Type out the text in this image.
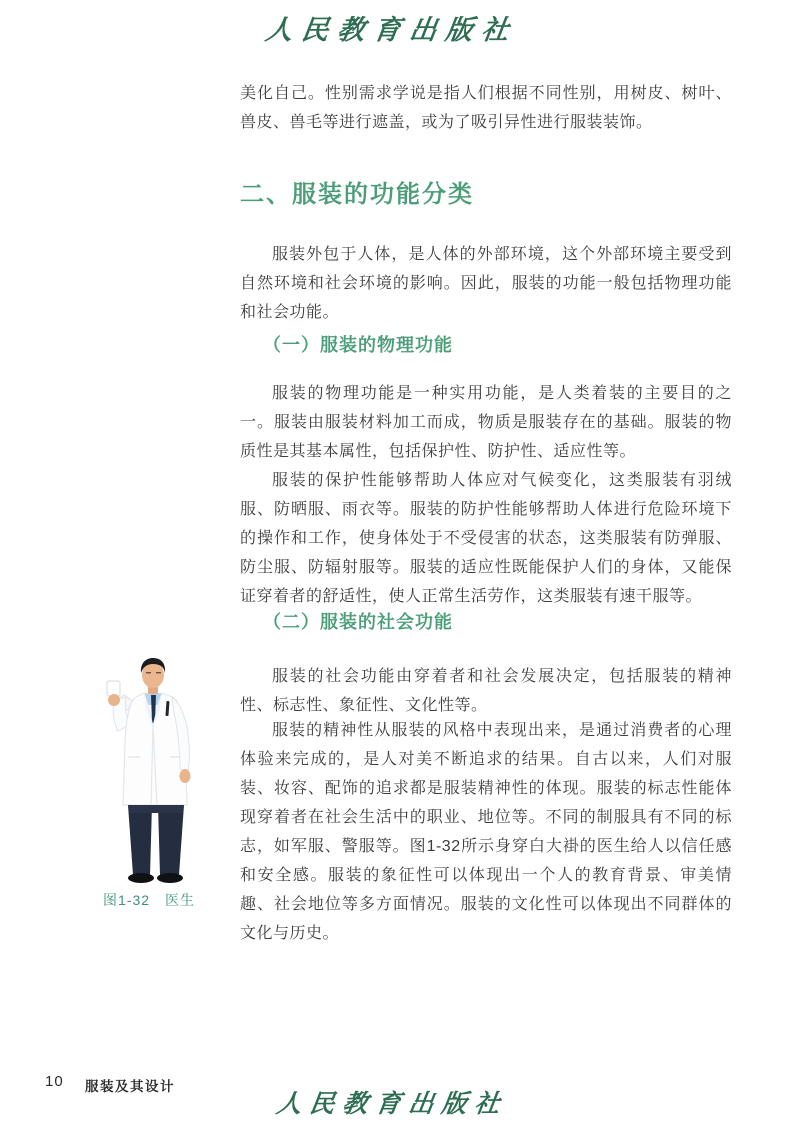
人民教育出版社

美化自己。性别需求学说是指人们根据不同性别，用树皮、树叶、兽皮、兽毛等进行遮盖，或为了吸引异性进行服装装饰。

二、服装的功能分类

服装外包于人体，是人体的外部环境，这个外部环境主要受到自然环境和社会环境的影响。因此，服装的功能一般包括物理功能和社会功能。

（一）服装的物理功能

服装的物理功能是一种实用功能，是人类着装的主要目的之一。服装由服装材料加工而成，物质是服装存在的基础。服装的物质性是其基本属性，包括保护性、防护性、适应性等。

服装的保护性能够帮助人体应对气候变化，这类服装有羽绒服、防晒服、雨衣等。服装的防护性能够帮助人体进行危险环境下的操作和工作，使身体处于不受侵害的状态，这类服装有防弹服、防尘服、防辐射服等。服装的适应性既能保护人们的身体，又能保证穿着者的舒适性，使人正常生活劳作，这类服装有速干服等。

（二）服装的社会功能

服装的社会功能由穿着者和社会发展决定，包括服装的精神性、标志性、象征性、文化性等。

服装的精神性从服装的风格中表现出来，是通过消费者的心理体验来完成的，是人对美不断追求的结果。自古以来，人们对服装、妆容、配饰的追求都是服装精神性的体现。服装的标志性能体现穿着者在社会生活中的职业、地位等。不同的制服具有不同的标志，如军服、警服等。图1-32所示身穿白大褂的医生给人以信任感和安全感。服装的象征性可以体现出一个人的教育背景、审美情趣、社会地位等多方面情况。服装的文化性可以体现出不同群体的文化与历史。

图1-32　医生
10 服装及其设计
人民教育出版社
